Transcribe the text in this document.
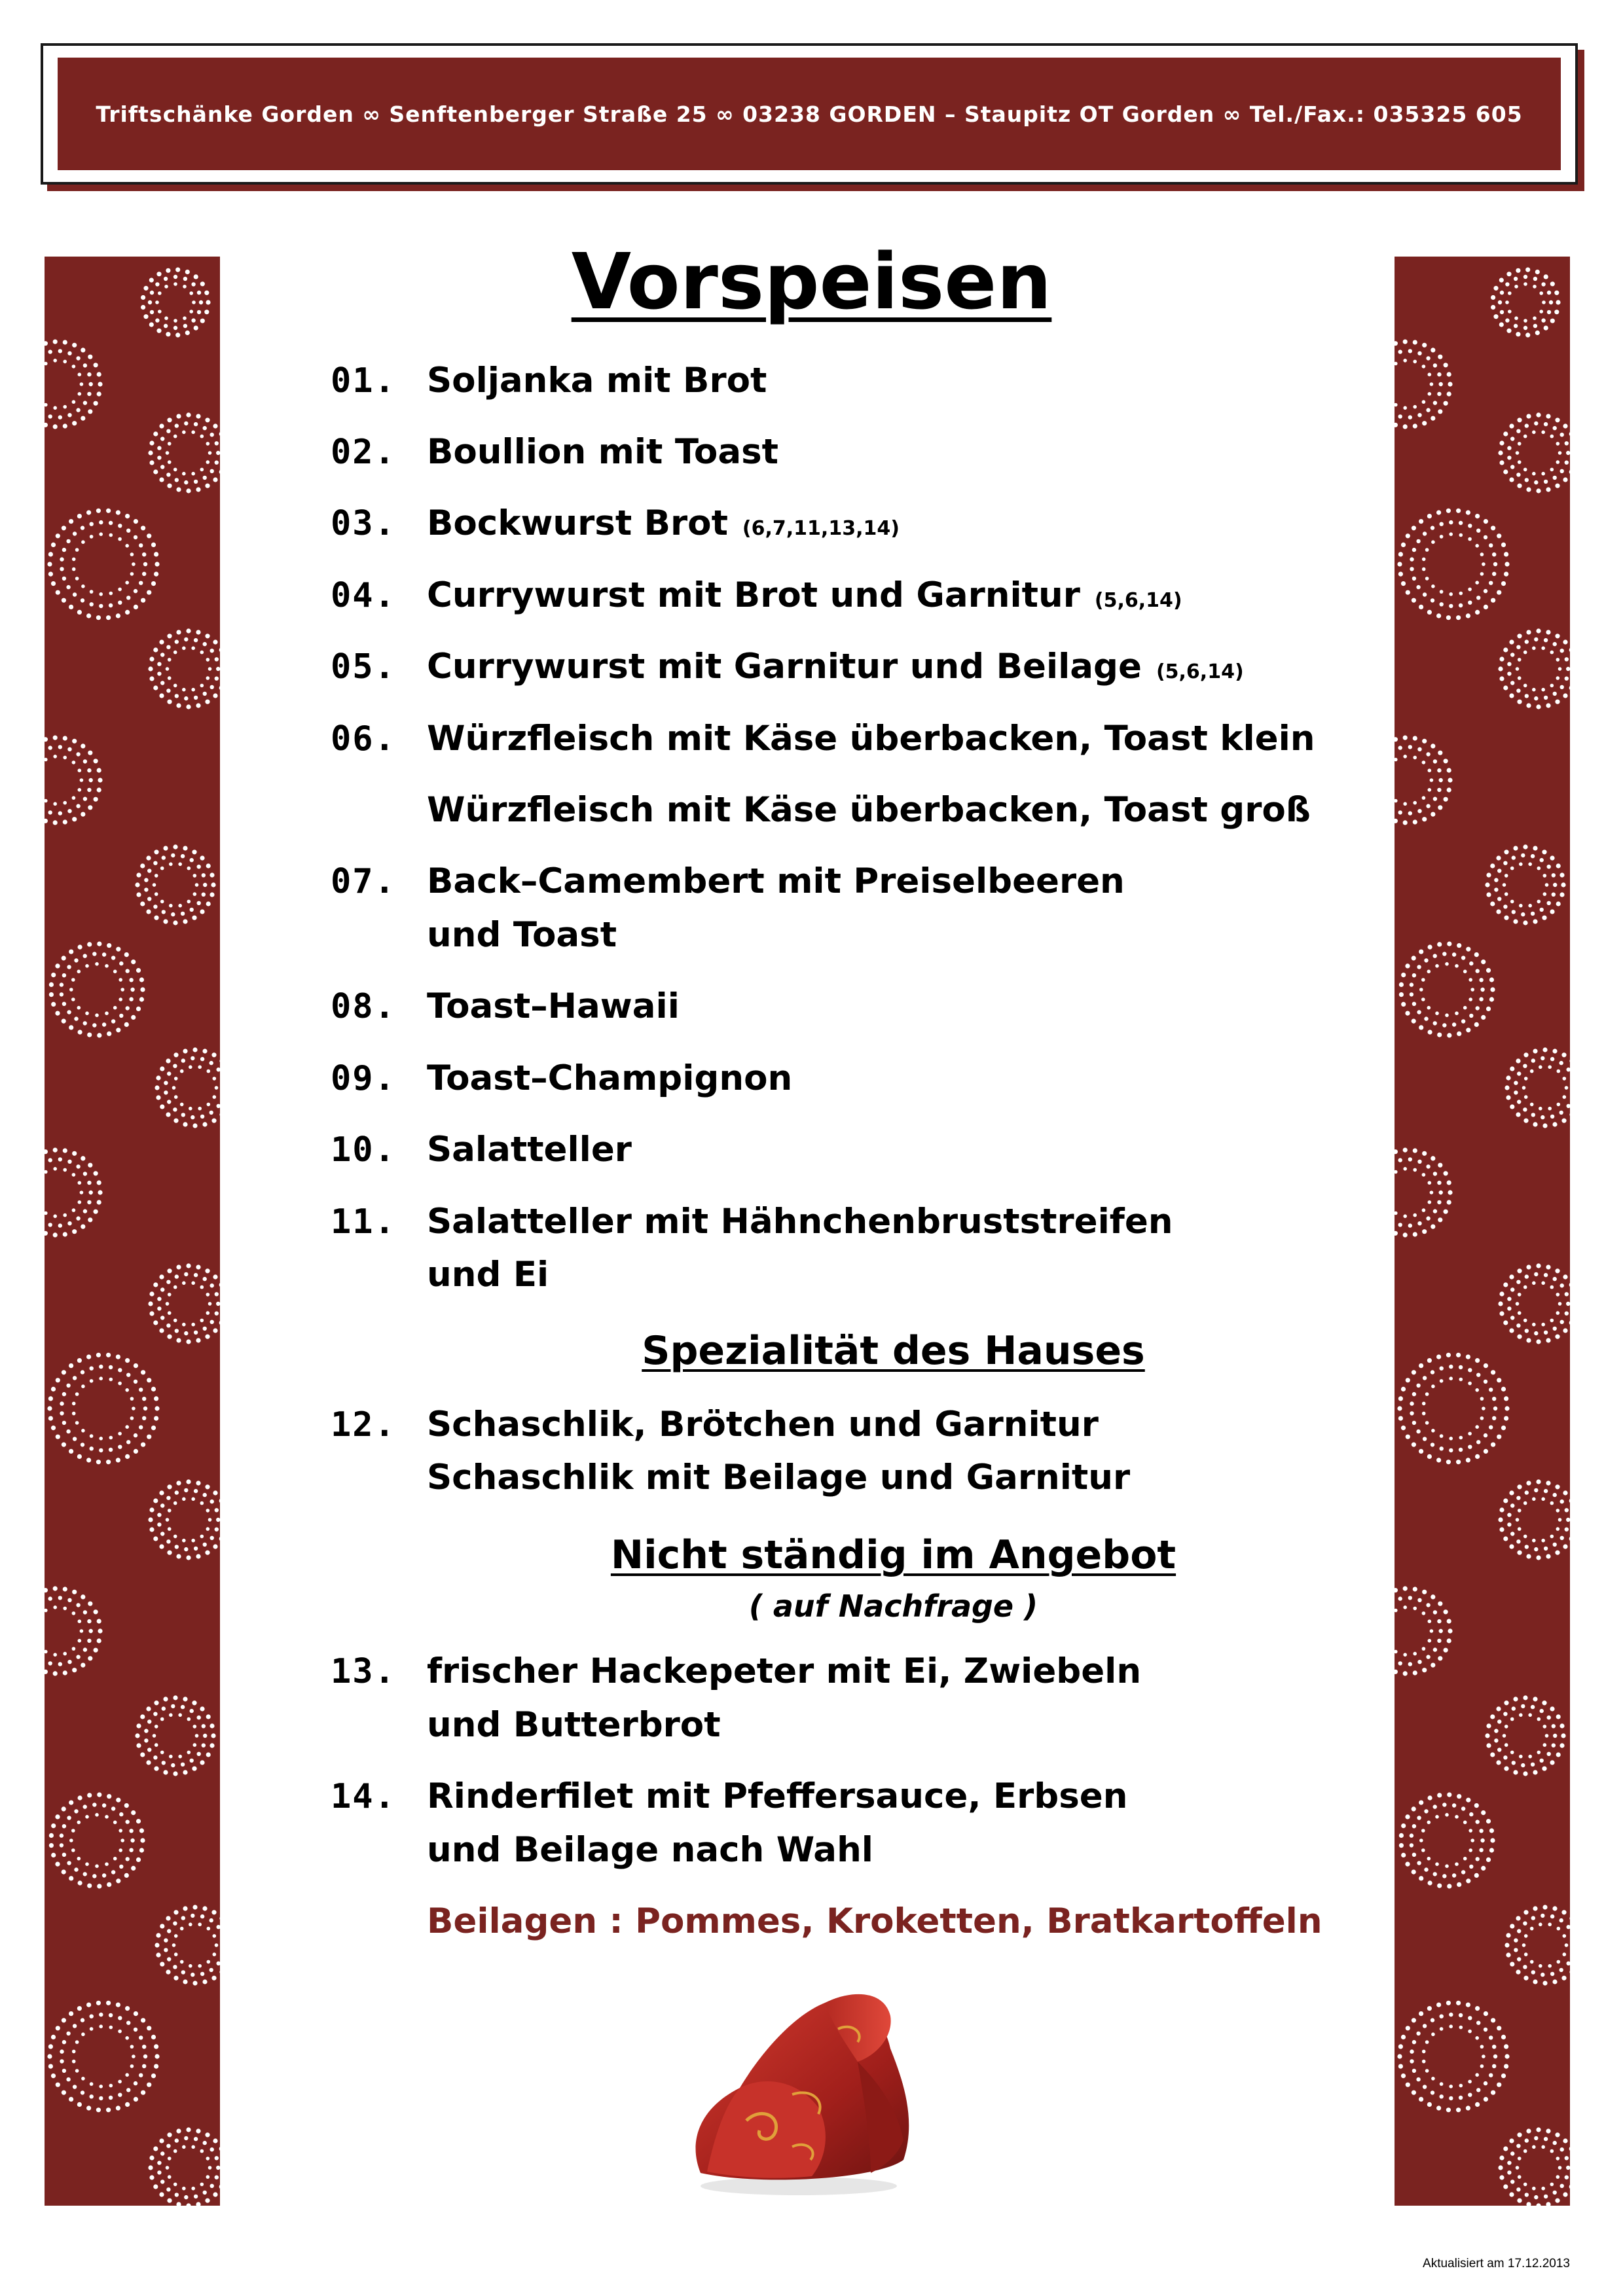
Triftschänke Gorden ∞ Senftenberger Straße 25 ∞ 03238 GORDEN – Staupitz OT Gorden ∞ Tel./Fax.: 035325 605
Vorspeisen
01. Soljanka mit Brot
02. Boullion mit Toast
03. Bockwurst Brot (6,7,11,13,14)
04. Currywurst mit Brot und Garnitur (5,6,14)
05. Currywurst mit Garnitur und Beilage (5,6,14)
06. Würzfleisch mit Käse überbacken, Toast klein
Würzfleisch mit Käse überbacken, Toast groß
07. Back–Camembert mit Preiselbeeren
und Toast
08. Toast–Hawaii
09. Toast–Champignon
10. Salatteller
11. Salatteller mit Hähnchenbruststreifen
und Ei
Spezialität des Hauses
12. Schaschlik, Brötchen und Garnitur
Schaschlik mit Beilage und Garnitur
Nicht ständig im Angebot
( auf Nachfrage )
13. frischer Hackepeter mit Ei, Zwiebeln
und Butterbrot
14. Rinderfilet mit Pfeffersauce, Erbsen
und Beilage nach Wahl
Beilagen : Pommes, Kroketten, Bratkartoffeln
Aktualisiert am 17.12.2013
